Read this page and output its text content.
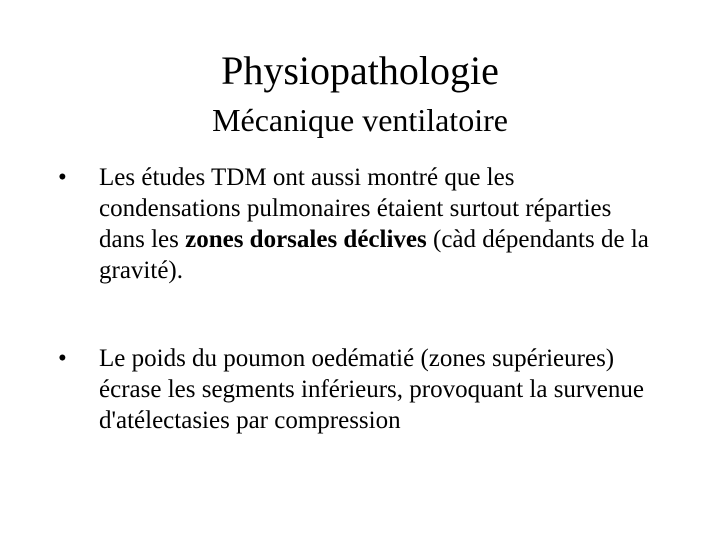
Physiopathologie
Mécanique ventilatoire
•	Les études TDM ont aussi montré que les condensations pulmonaires étaient surtout réparties dans les zones dorsales déclives (càd dépendants de la gravité).
•	Le poids du poumon oedématié (zones supérieures) écrase les segments inférieurs, provoquant la survenue d'atélectasies par compression
